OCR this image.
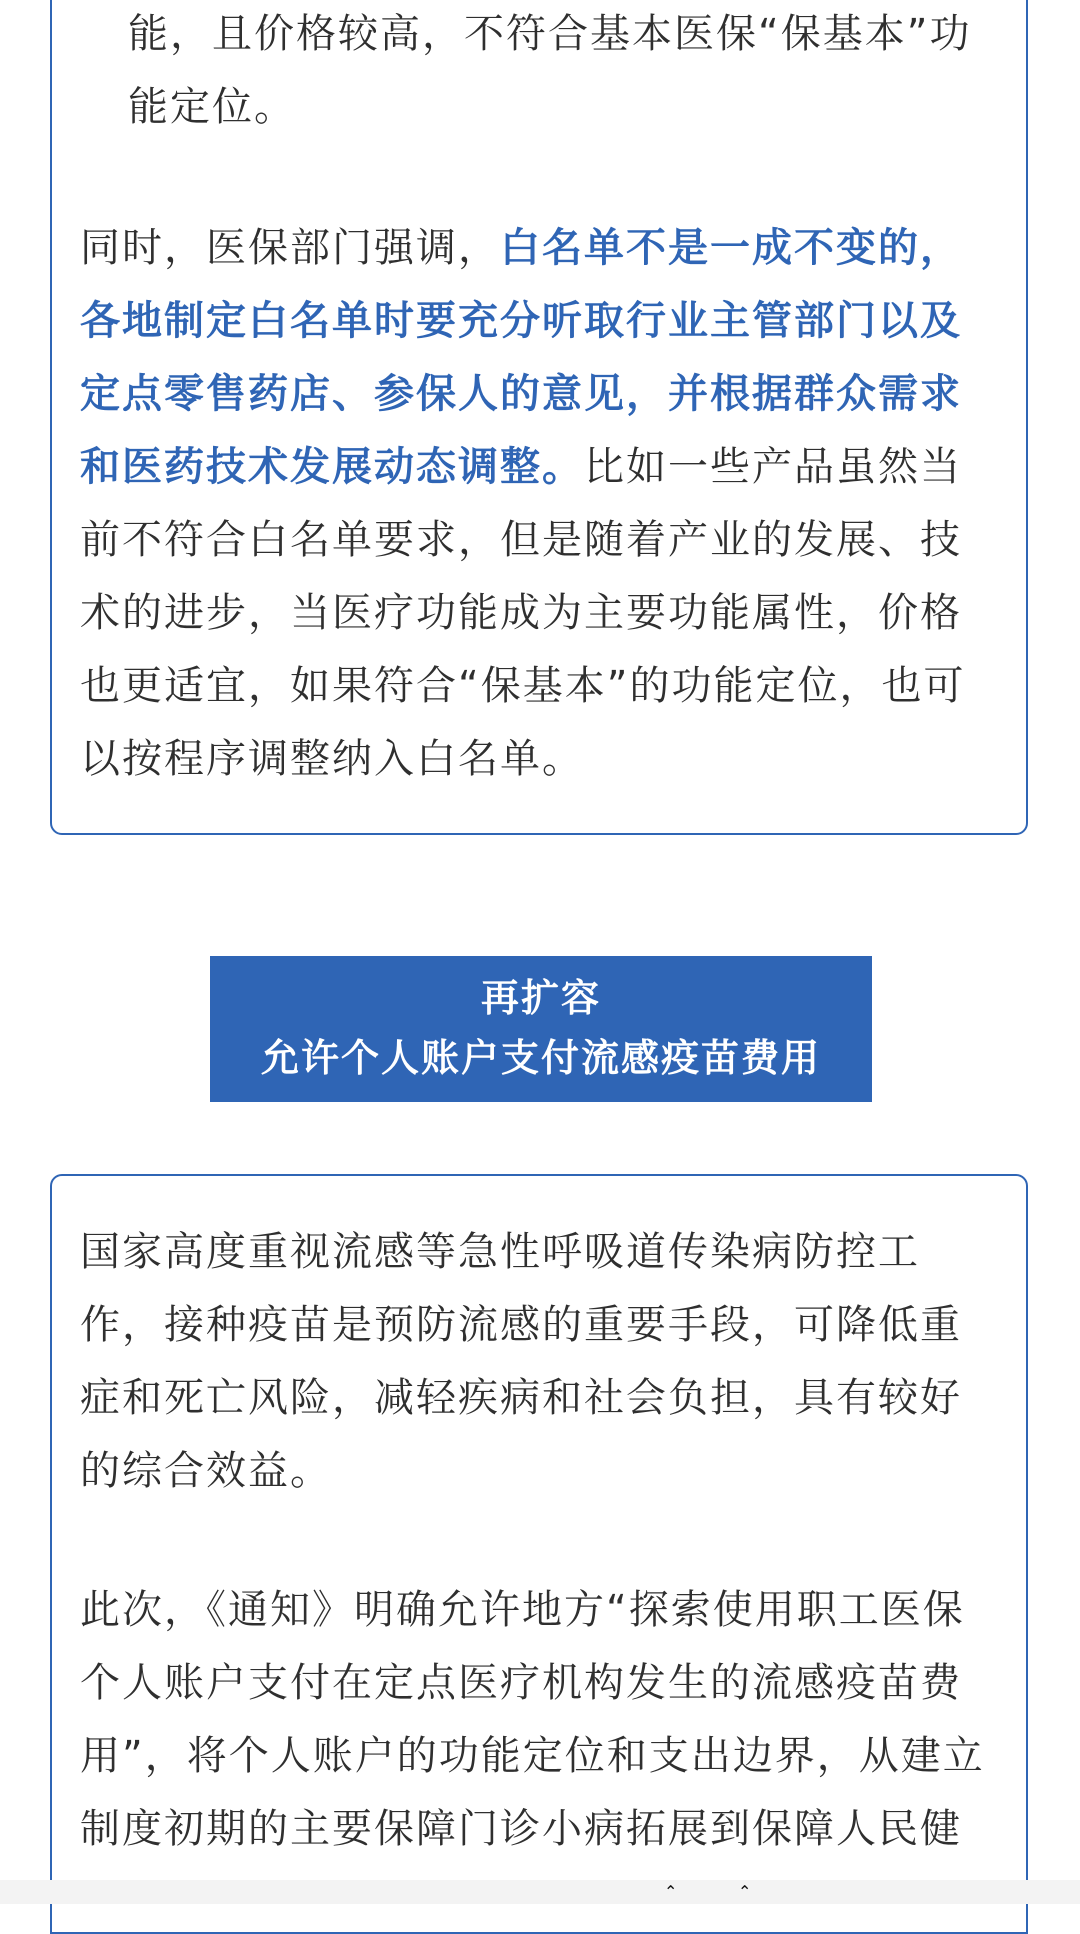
能，且价格较高，不符合基本医保“保基本”功
能定位。

同时，医保部门强调，白名单不是一成不变的，各地制定白名单时要充分听取行业主管部门以及定点零售药店、参保人的意见，并根据群众需求和医药技术发展动态调整。比如一些产品虽然当前不符合白名单要求，但是随着产业的发展、技术的进步，当医疗功能成为主要功能属性，价格也更适宜，如果符合“保基本”的功能定位，也可以按程序调整纳入白名单。

再扩容
允许个人账户支付流感疫苗费用

国家高度重视流感等急性呼吸道传染病防控工作，接种疫苗是预防流感的重要手段，可降低重症和死亡风险，减轻疾病和社会负担，具有较好的综合效益。

此次，《通知》明确允许地方“探索使用职工医保个人账户支付在定点医疗机构发生的流感疫苗费用”，将个人账户的功能定位和支出边界，从建立制度初期的主要保障门诊小病拓展到保障人民健

⌃	⌃
